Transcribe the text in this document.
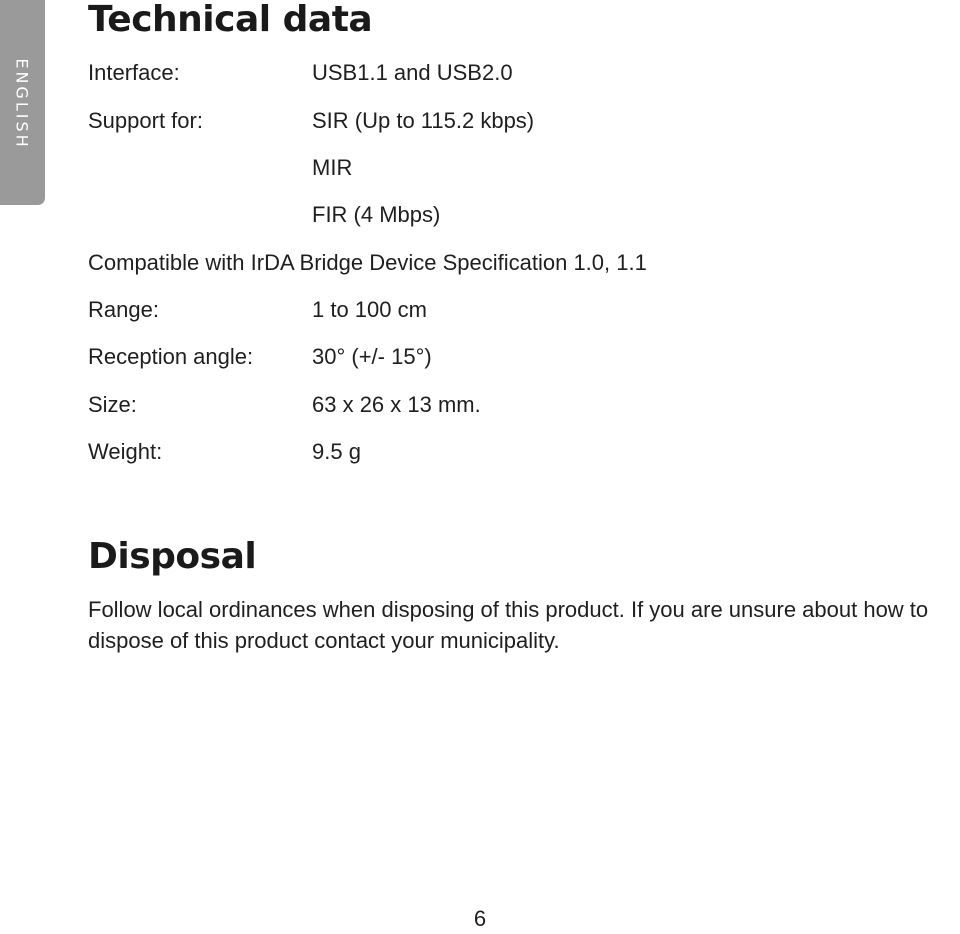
ENGLISH
Technical data
Interface:	USB1.1 and USB2.0
Support for:	SIR (Up to 115.2 kbps)
MIR
FIR (4 Mbps)
Compatible with IrDA Bridge Device Specification 1.0, 1.1
Range:	1 to 100 cm
Reception angle:	30° (+/- 15°)
Size:	63 x 26 x 13 mm.
Weight:	9.5 g
Disposal

Follow local ordinances when disposing of this product. If you are unsure about how to dispose of this product contact your municipality.

6
